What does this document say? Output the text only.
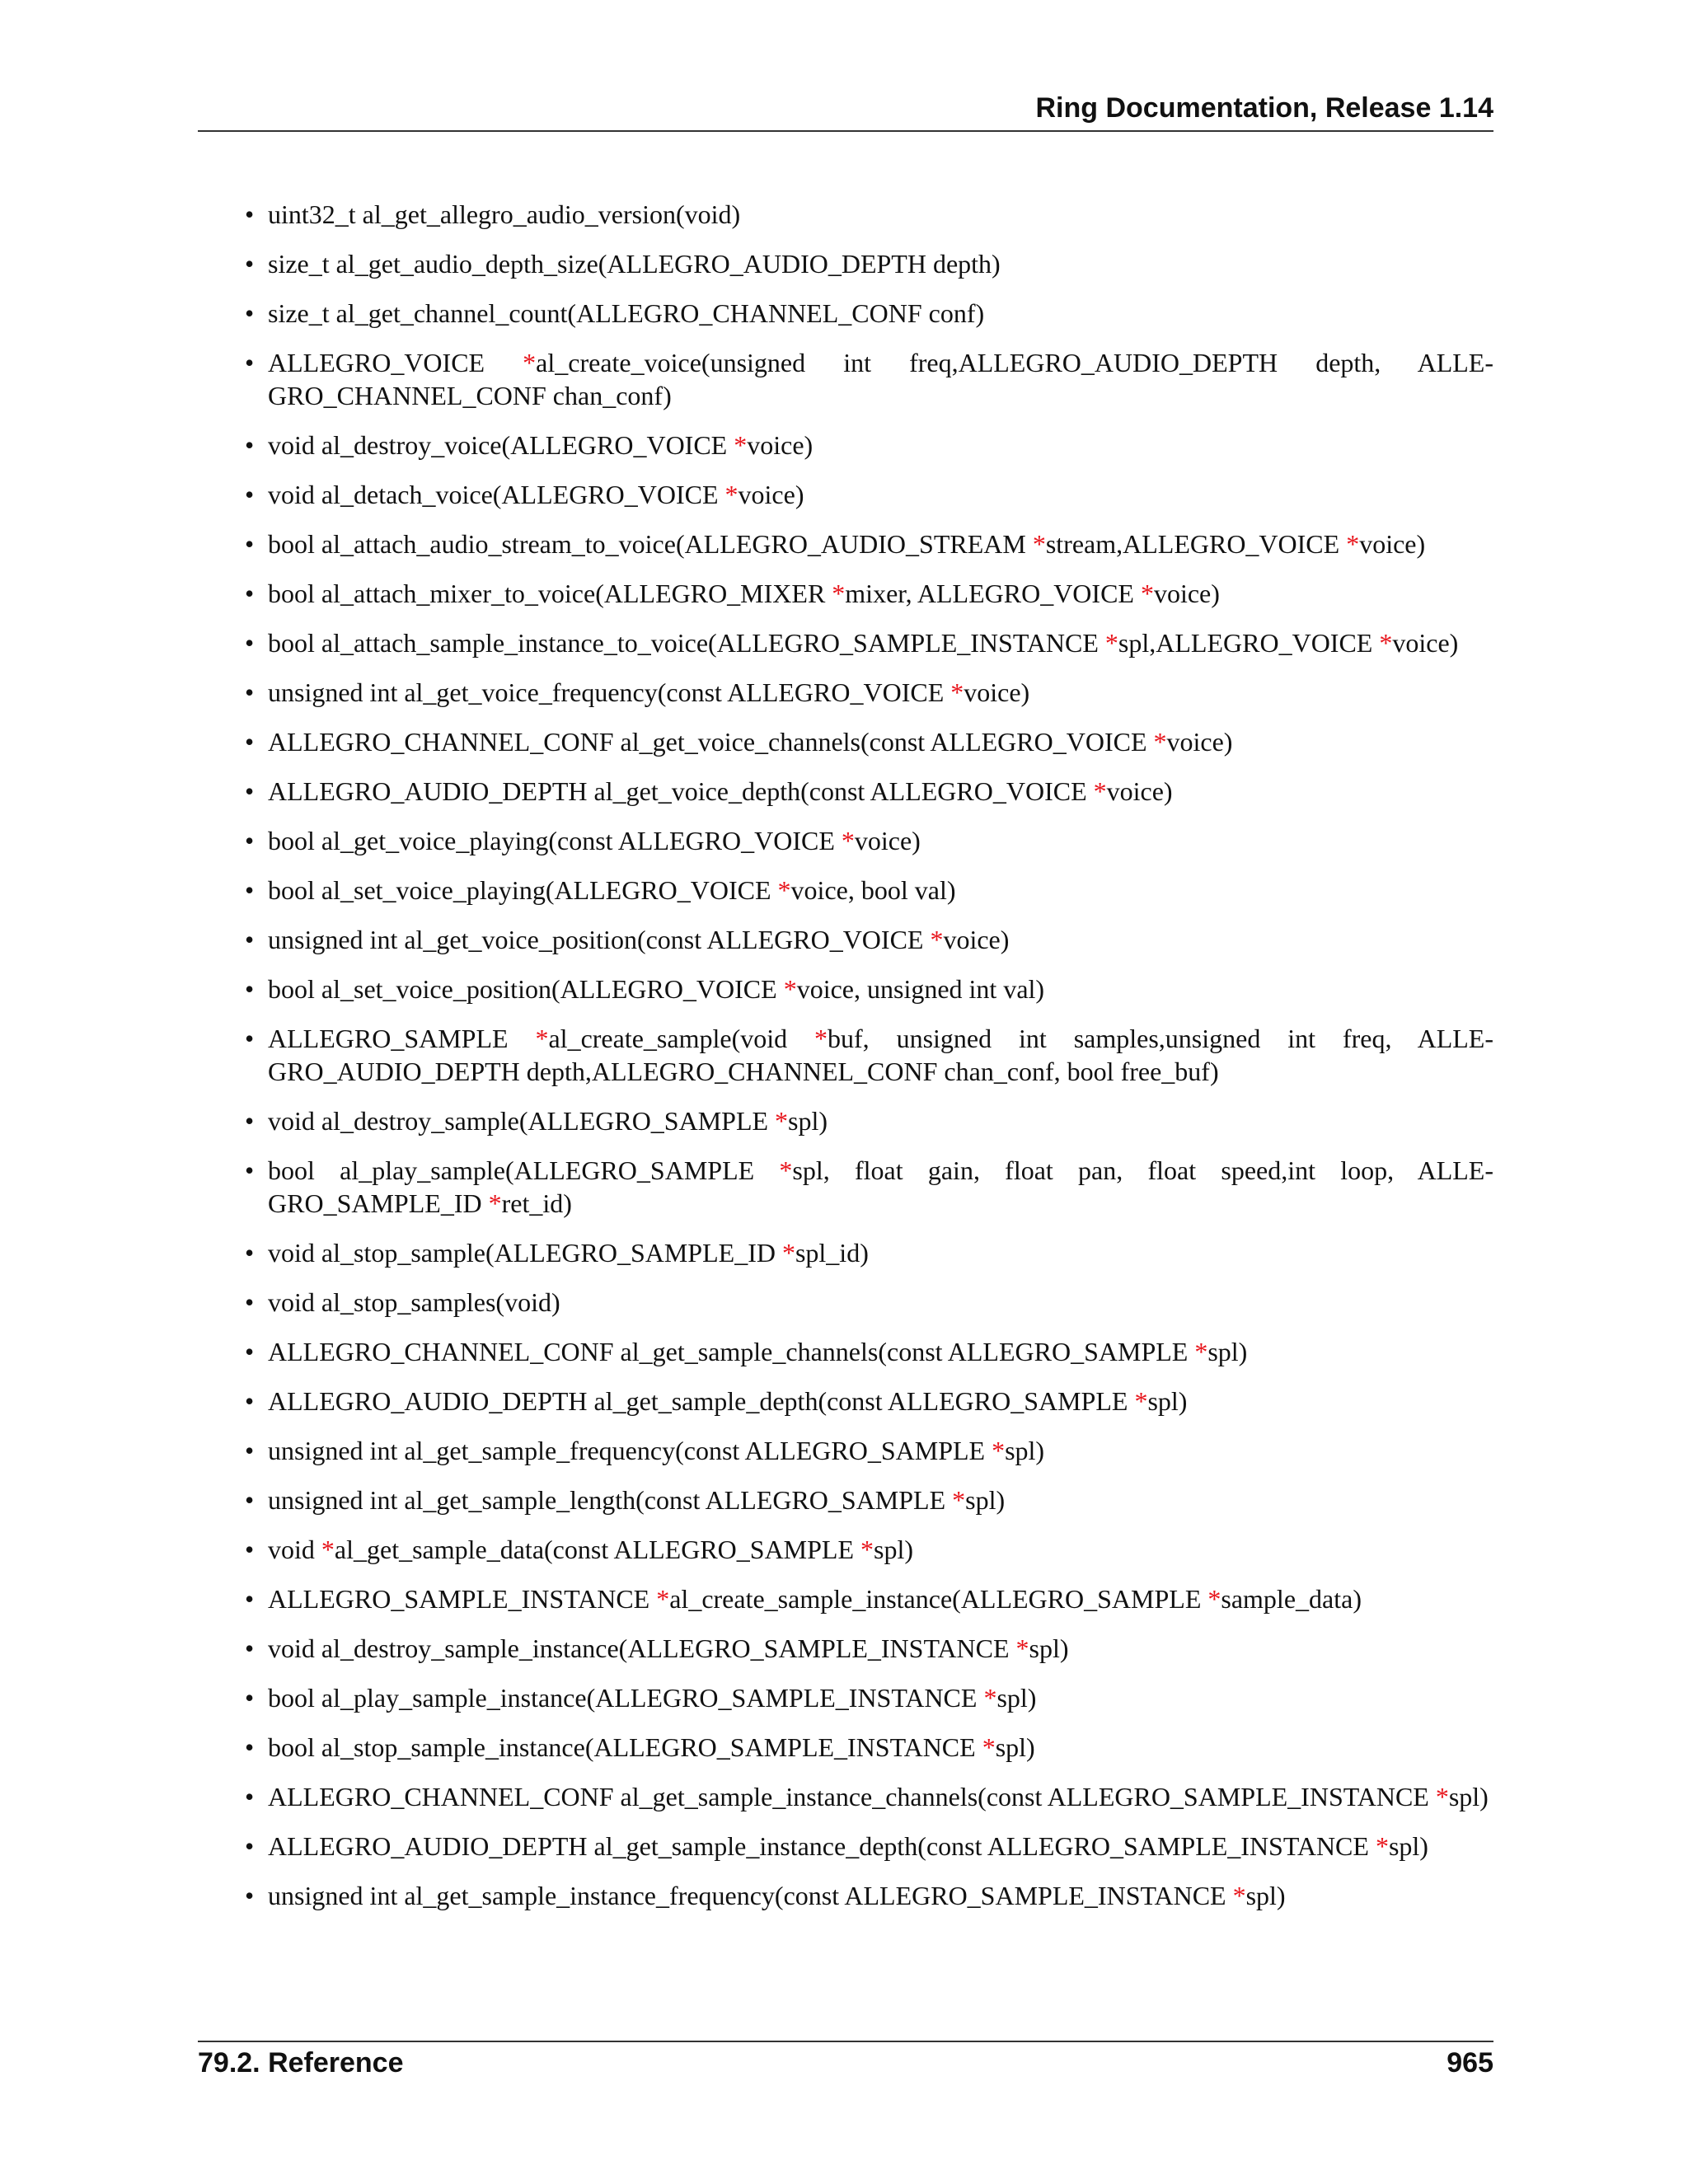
Ring Documentation, Release 1.14
• uint32_t al_get_allegro_audio_version(void)
• size_t al_get_audio_depth_size(ALLEGRO_AUDIO_DEPTH depth)
• size_t al_get_channel_count(ALLEGRO_CHANNEL_CONF conf)
• ALLEGRO_VOICE *al_create_voice(unsigned int freq,ALLEGRO_AUDIO_DEPTH depth, ALLE-GRO_CHANNEL_CONF chan_conf)
• void al_destroy_voice(ALLEGRO_VOICE *voice)
• void al_detach_voice(ALLEGRO_VOICE *voice)
• bool al_attach_audio_stream_to_voice(ALLEGRO_AUDIO_STREAM *stream,ALLEGRO_VOICE *voice)
• bool al_attach_mixer_to_voice(ALLEGRO_MIXER *mixer, ALLEGRO_VOICE *voice)
• bool al_attach_sample_instance_to_voice(ALLEGRO_SAMPLE_INSTANCE *spl,ALLEGRO_VOICE *voice)
• unsigned int al_get_voice_frequency(const ALLEGRO_VOICE *voice)
• ALLEGRO_CHANNEL_CONF al_get_voice_channels(const ALLEGRO_VOICE *voice)
• ALLEGRO_AUDIO_DEPTH al_get_voice_depth(const ALLEGRO_VOICE *voice)
• bool al_get_voice_playing(const ALLEGRO_VOICE *voice)
• bool al_set_voice_playing(ALLEGRO_VOICE *voice, bool val)
• unsigned int al_get_voice_position(const ALLEGRO_VOICE *voice)
• bool al_set_voice_position(ALLEGRO_VOICE *voice, unsigned int val)
• ALLEGRO_SAMPLE *al_create_sample(void *buf, unsigned int samples,unsigned int freq, ALLE-GRO_AUDIO_DEPTH depth,ALLEGRO_CHANNEL_CONF chan_conf, bool free_buf)
• void al_destroy_sample(ALLEGRO_SAMPLE *spl)
• bool al_play_sample(ALLEGRO_SAMPLE *spl, float gain, float pan, float speed,int loop, ALLE-GRO_SAMPLE_ID *ret_id)
• void al_stop_sample(ALLEGRO_SAMPLE_ID *spl_id)
• void al_stop_samples(void)
• ALLEGRO_CHANNEL_CONF al_get_sample_channels(const ALLEGRO_SAMPLE *spl)
• ALLEGRO_AUDIO_DEPTH al_get_sample_depth(const ALLEGRO_SAMPLE *spl)
• unsigned int al_get_sample_frequency(const ALLEGRO_SAMPLE *spl)
• unsigned int al_get_sample_length(const ALLEGRO_SAMPLE *spl)
• void *al_get_sample_data(const ALLEGRO_SAMPLE *spl)
• ALLEGRO_SAMPLE_INSTANCE *al_create_sample_instance(ALLEGRO_SAMPLE *sample_data)
• void al_destroy_sample_instance(ALLEGRO_SAMPLE_INSTANCE *spl)
• bool al_play_sample_instance(ALLEGRO_SAMPLE_INSTANCE *spl)
• bool al_stop_sample_instance(ALLEGRO_SAMPLE_INSTANCE *spl)
• ALLEGRO_CHANNEL_CONF al_get_sample_instance_channels(const ALLEGRO_SAMPLE_INSTANCE *spl)
• ALLEGRO_AUDIO_DEPTH al_get_sample_instance_depth(const ALLEGRO_SAMPLE_INSTANCE *spl)
• unsigned int al_get_sample_instance_frequency(const ALLEGRO_SAMPLE_INSTANCE *spl)
79.2. Reference	965
